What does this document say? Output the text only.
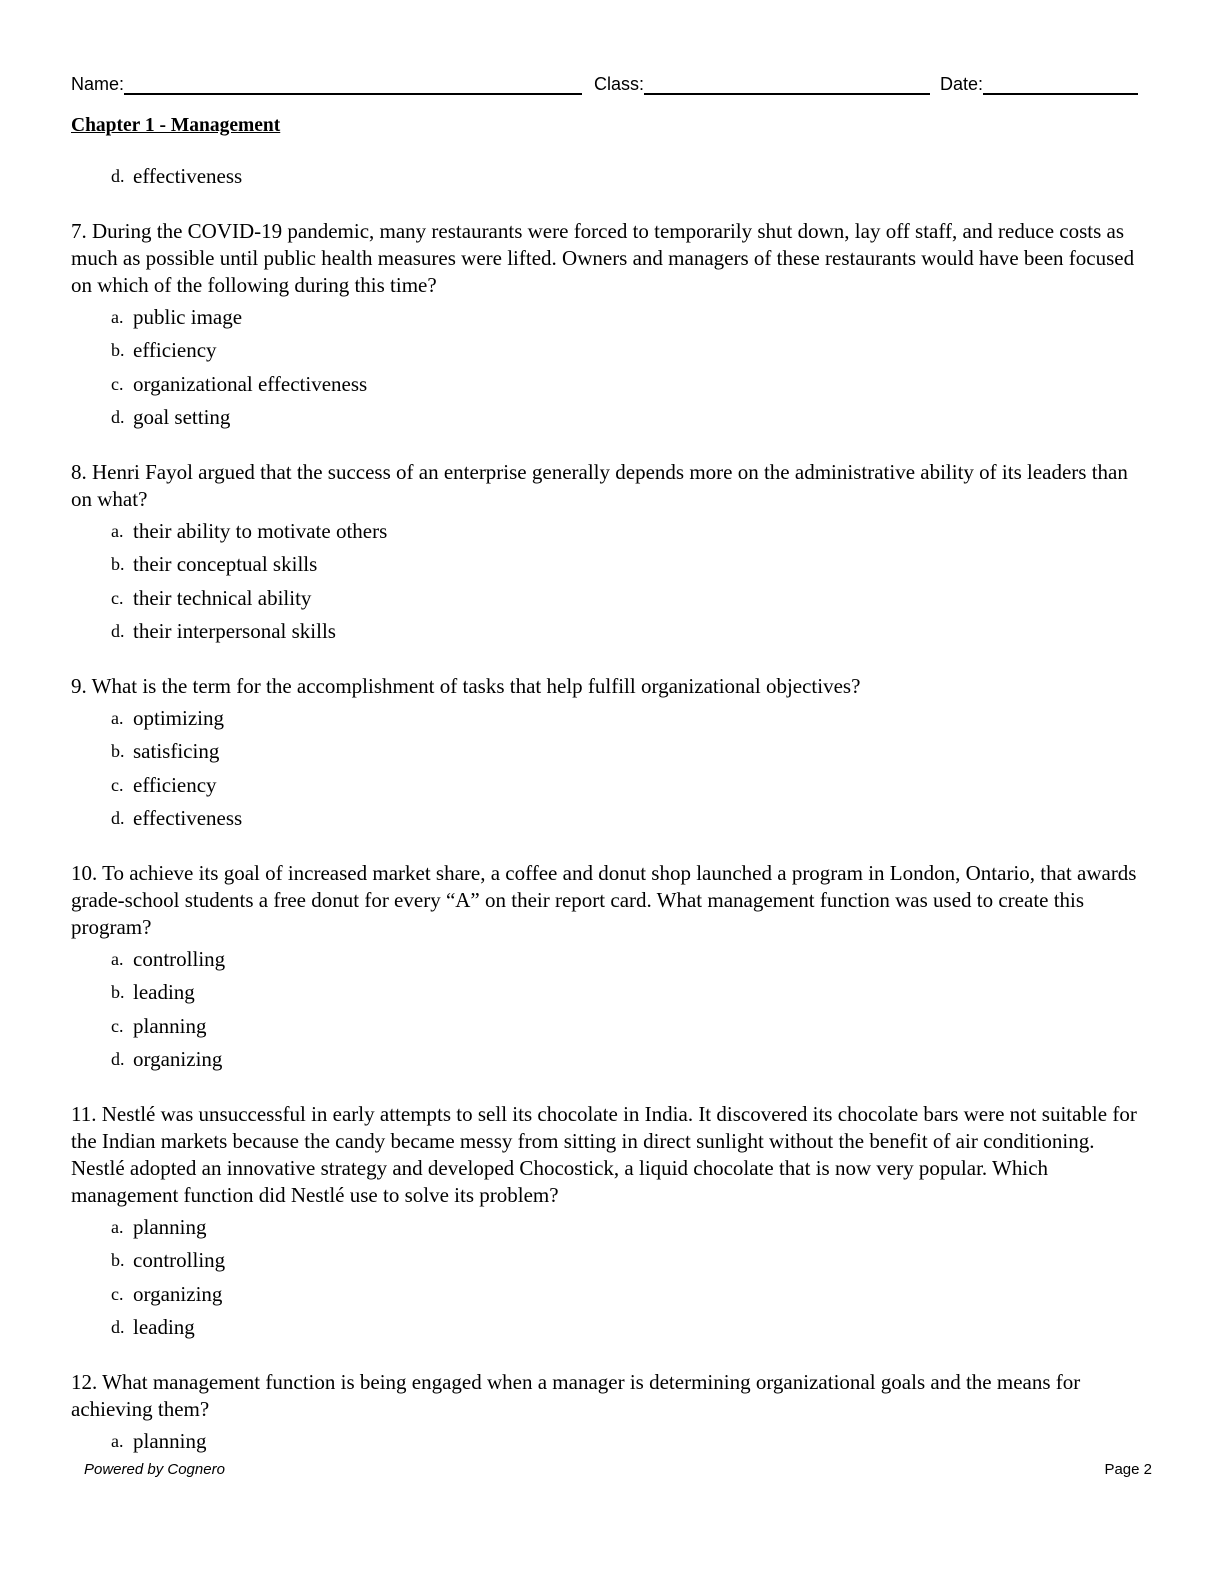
Name:	Class:	Date:
Chapter 1 - Management
d. effectiveness

7. During the COVID-19 pandemic, many restaurants were forced to temporarily shut down, lay off staff, and reduce costs as much as possible until public health measures were lifted. Owners and managers of these restaurants would have been focused on which of the following during this time?

a. public image
b. efficiency
c. organizational effectiveness
d. goal setting

8. Henri Fayol argued that the success of an enterprise generally depends more on the administrative ability of its leaders than on what?

a. their ability to motivate others
b. their conceptual skills
c. their technical ability
d. their interpersonal skills

9. What is the term for the accomplishment of tasks that help fulfill organizational objectives?

a. optimizing
b. satisficing
c. efficiency
d. effectiveness

10. To achieve its goal of increased market share, a coffee and donut shop launched a program in London, Ontario, that awards grade-school students a free donut for every “A” on their report card. What management function was used to create this program?

a. controlling
b. leading
c. planning
d. organizing

11. Nestlé was unsuccessful in early attempts to sell its chocolate in India. It discovered its chocolate bars were not suitable for the Indian markets because the candy became messy from sitting in direct sunlight without the benefit of air conditioning. Nestlé adopted an innovative strategy and developed Chocostick, a liquid chocolate that is now very popular. Which management function did Nestlé use to solve its problem?

a. planning
b. controlling
c. organizing
d. leading

12. What management function is being engaged when a manager is determining organizational goals and the means for achieving them?

a. planning
Powered by Cognero	Page 2
